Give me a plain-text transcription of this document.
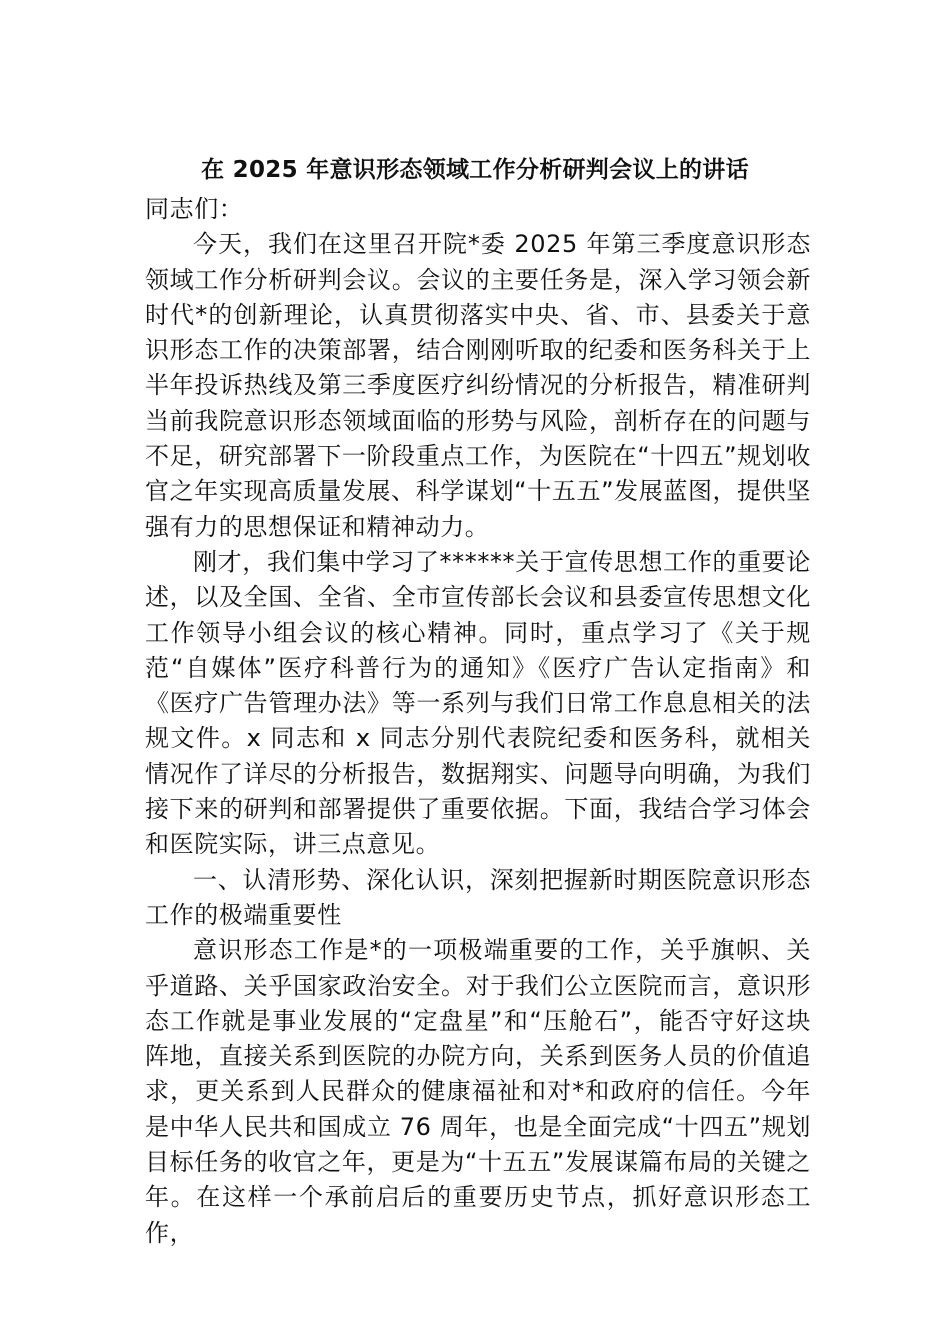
在 2025 年意识形态领域工作分析研判会议上的讲话

同志们：

今天，我们在这里召开院*委 2025 年第三季度意识形态领域工作分析研判会议。会议的主要任务是，深入学习领会新时代*的创新理论，认真贯彻落实中央、省、市、县委关于意识形态工作的决策部署，结合刚刚听取的纪委和医务科关于上半年投诉热线及第三季度医疗纠纷情况的分析报告，精准研判当前我院意识形态领域面临的形势与风险，剖析存在的问题与不足，研究部署下一阶段重点工作，为医院在“十四五”规划收官之年实现高质量发展、科学谋划“十五五”发展蓝图，提供坚强有力的思想保证和精神动力。

刚才，我们集中学习了******关于宣传思想工作的重要论述，以及全国、全省、全市宣传部长会议和县委宣传思想文化工作领导小组会议的核心精神。同时，重点学习了《关于规范“自媒体”医疗科普行为的通知》《医疗广告认定指南》和《医疗广告管理办法》等一系列与我们日常工作息息相关的法规文件。x 同志和 x 同志分别代表院纪委和医务科，就相关情况作了详尽的分析报告，数据翔实、问题导向明确，为我们接下来的研判和部署提供了重要依据。下面，我结合学习体会和医院实际，讲三点意见。

一、认清形势、深化认识，深刻把握新时期医院意识形态工作的极端重要性

意识形态工作是*的一项极端重要的工作，关乎旗帜、关乎道路、关乎国家政治安全。对于我们公立医院而言，意识形态工作就是事业发展的“定盘星”和“压舱石”，能否守好这块阵地，直接关系到医院的办院方向，关系到医务人员的价值追求，更关系到人民群众的健康福祉和对*和政府的信任。今年是中华人民共和国成立 76 周年，也是全面完成“十四五”规划目标任务的收官之年，更是为“十五五”发展谋篇布局的关键之年。在这样一个承前启后的重要历史节点，抓好意识形态工作，
